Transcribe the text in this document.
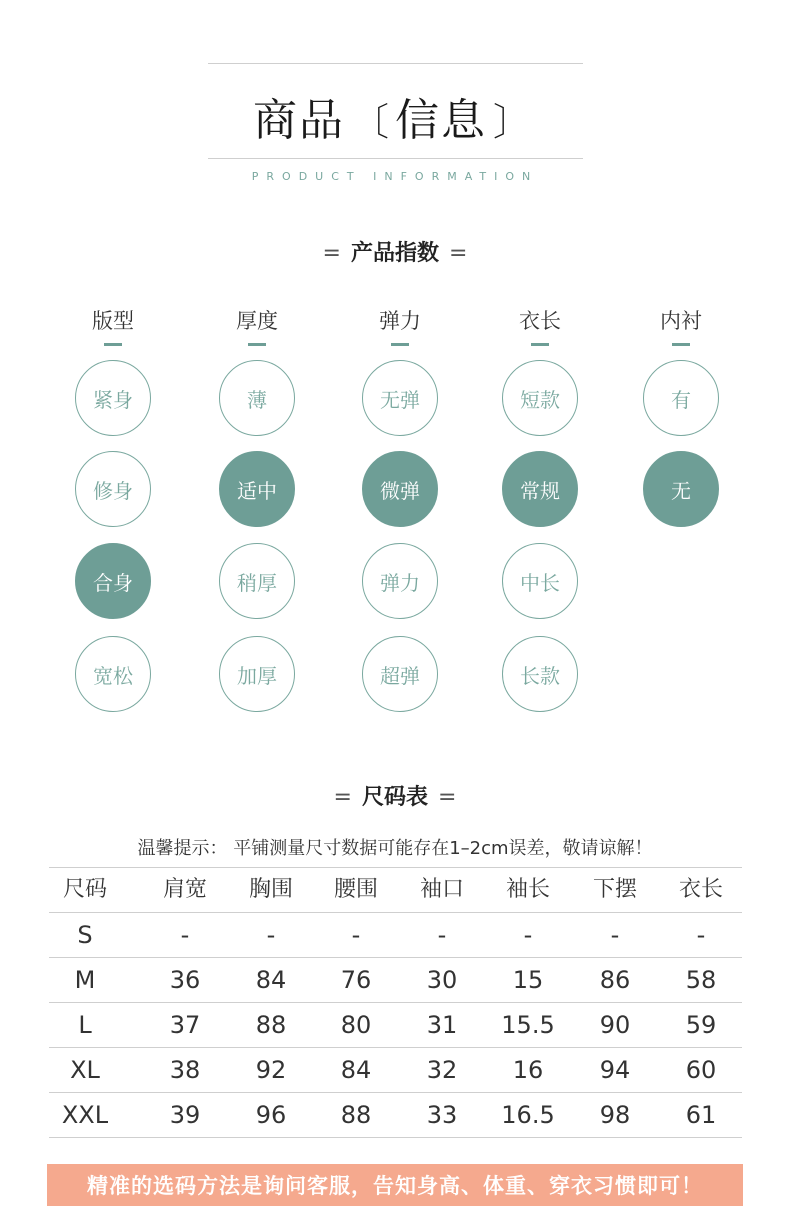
商品 〔 信息 〕
PRODUCT INFORMATION
= 产品指数 =
版型
紧身
修身
合身
宽松
厚度
薄
适中
稍厚
加厚
弹力
无弹
微弹
弹力
超弹
衣长
短款
常规
中长
长款
内衬
有
无
= 尺码表 =
温馨提示： 平铺测量尺寸数据可能存在1–2cm误差，敬请谅解！
尺码	肩宽	胸围	腰围	袖口	袖长	下摆	衣长
S	-	-	-	-	-	-	-
M	36	84	76	30	15	86	58
L	37	88	80	31	15.5	90	59
XL	38	92	84	32	16	94	60
XXL	39	96	88	33	16.5	98	61
精准的选码方法是询问客服，告知身高、体重、穿衣习惯即可！
